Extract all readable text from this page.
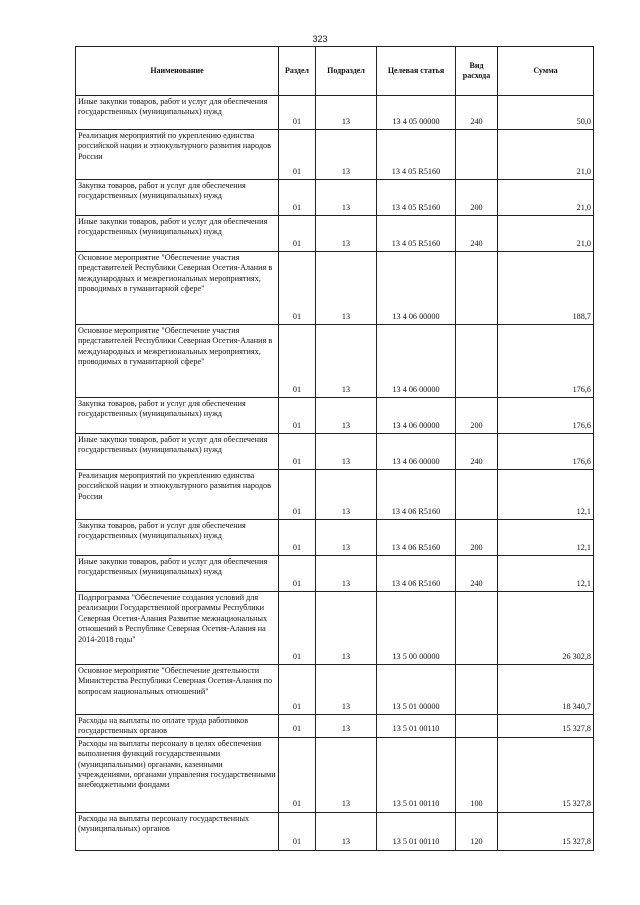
323
Наименование	Раздел	Подраздел	Целевая статья	Вид расхода	Сумма
Иные закупки товаров, работ и услуг для обеспечения государственных (муниципальных) нужд	01	13	13 4 05 00000	240	50,0
Реализация мероприятий по укреплению единства российской нации и этнокультурного развития народов России	01	13	13 4 05 R5160		21,0
Закупка товаров, работ и услуг для обеспечения государственных (муниципальных) нужд	01	13	13 4 05 R5160	200	21,0
Иные закупки товаров, работ и услуг для обеспечения государственных (муниципальных) нужд	01	13	13 4 05 R5160	240	21,0
Основное мероприятие "Обеспечение участия представителей Республики Северная Осетия-Алания в международных и межрегиональных мероприятиях, проводимых в гуманитарной сфере"	01	13	13 4 06 00000		188,7
Основное мероприятие "Обеспечение участия представителей Республики Северная Осетия-Алания в международных и межрегиональных мероприятиях, проводимых в гуманитарной сфере"	01	13	13 4 06 00000		176,6
Закупка товаров, работ и услуг для обеспечения государственных (муниципальных) нужд	01	13	13 4 06 00000	200	176,6
Иные закупки товаров, работ и услуг для обеспечения государственных (муниципальных) нужд	01	13	13 4 06 00000	240	176,6
Реализация мероприятий по укреплению единства российской нации и этнокультурного развития народов России	01	13	13 4 06 R5160		12,1
Закупка товаров, работ и услуг для обеспечения государственных (муниципальных) нужд	01	13	13 4 06 R5160	200	12,1
Иные закупки товаров, работ и услуг для обеспечения государственных (муниципальных) нужд	01	13	13 4 06 R5160	240	12,1
Подпрограмма "Обеспечение создания условий для реализации Государственной программы Республики Северная Осетия-Алания Развитие межнациональных отношений в Республике Северная Осетия-Алания на 2014-2018 годы"	01	13	13 5 00 00000		26 302,8
Основное мероприятие "Обеспечение деятельности Министерства Республики Северная Осетия-Алания по вопросам национальных отношений"	01	13	13 5 01 00000		18 340,7
Расходы на выплаты по оплате труда работников государственных органов	01	13	13 5 01 00110		15 327,8
Расходы на выплаты персоналу в целях обеспечения выполнения функций государственными (муниципальными) органами, казенными учреждениями, органами управления государственными внебюджетными фондами	01	13	13 5 01 00110	100	15 327,8
Расходы на выплаты персоналу государственных (муниципальных) органов	01	13	13 5 01 00110	120	15 327,8
